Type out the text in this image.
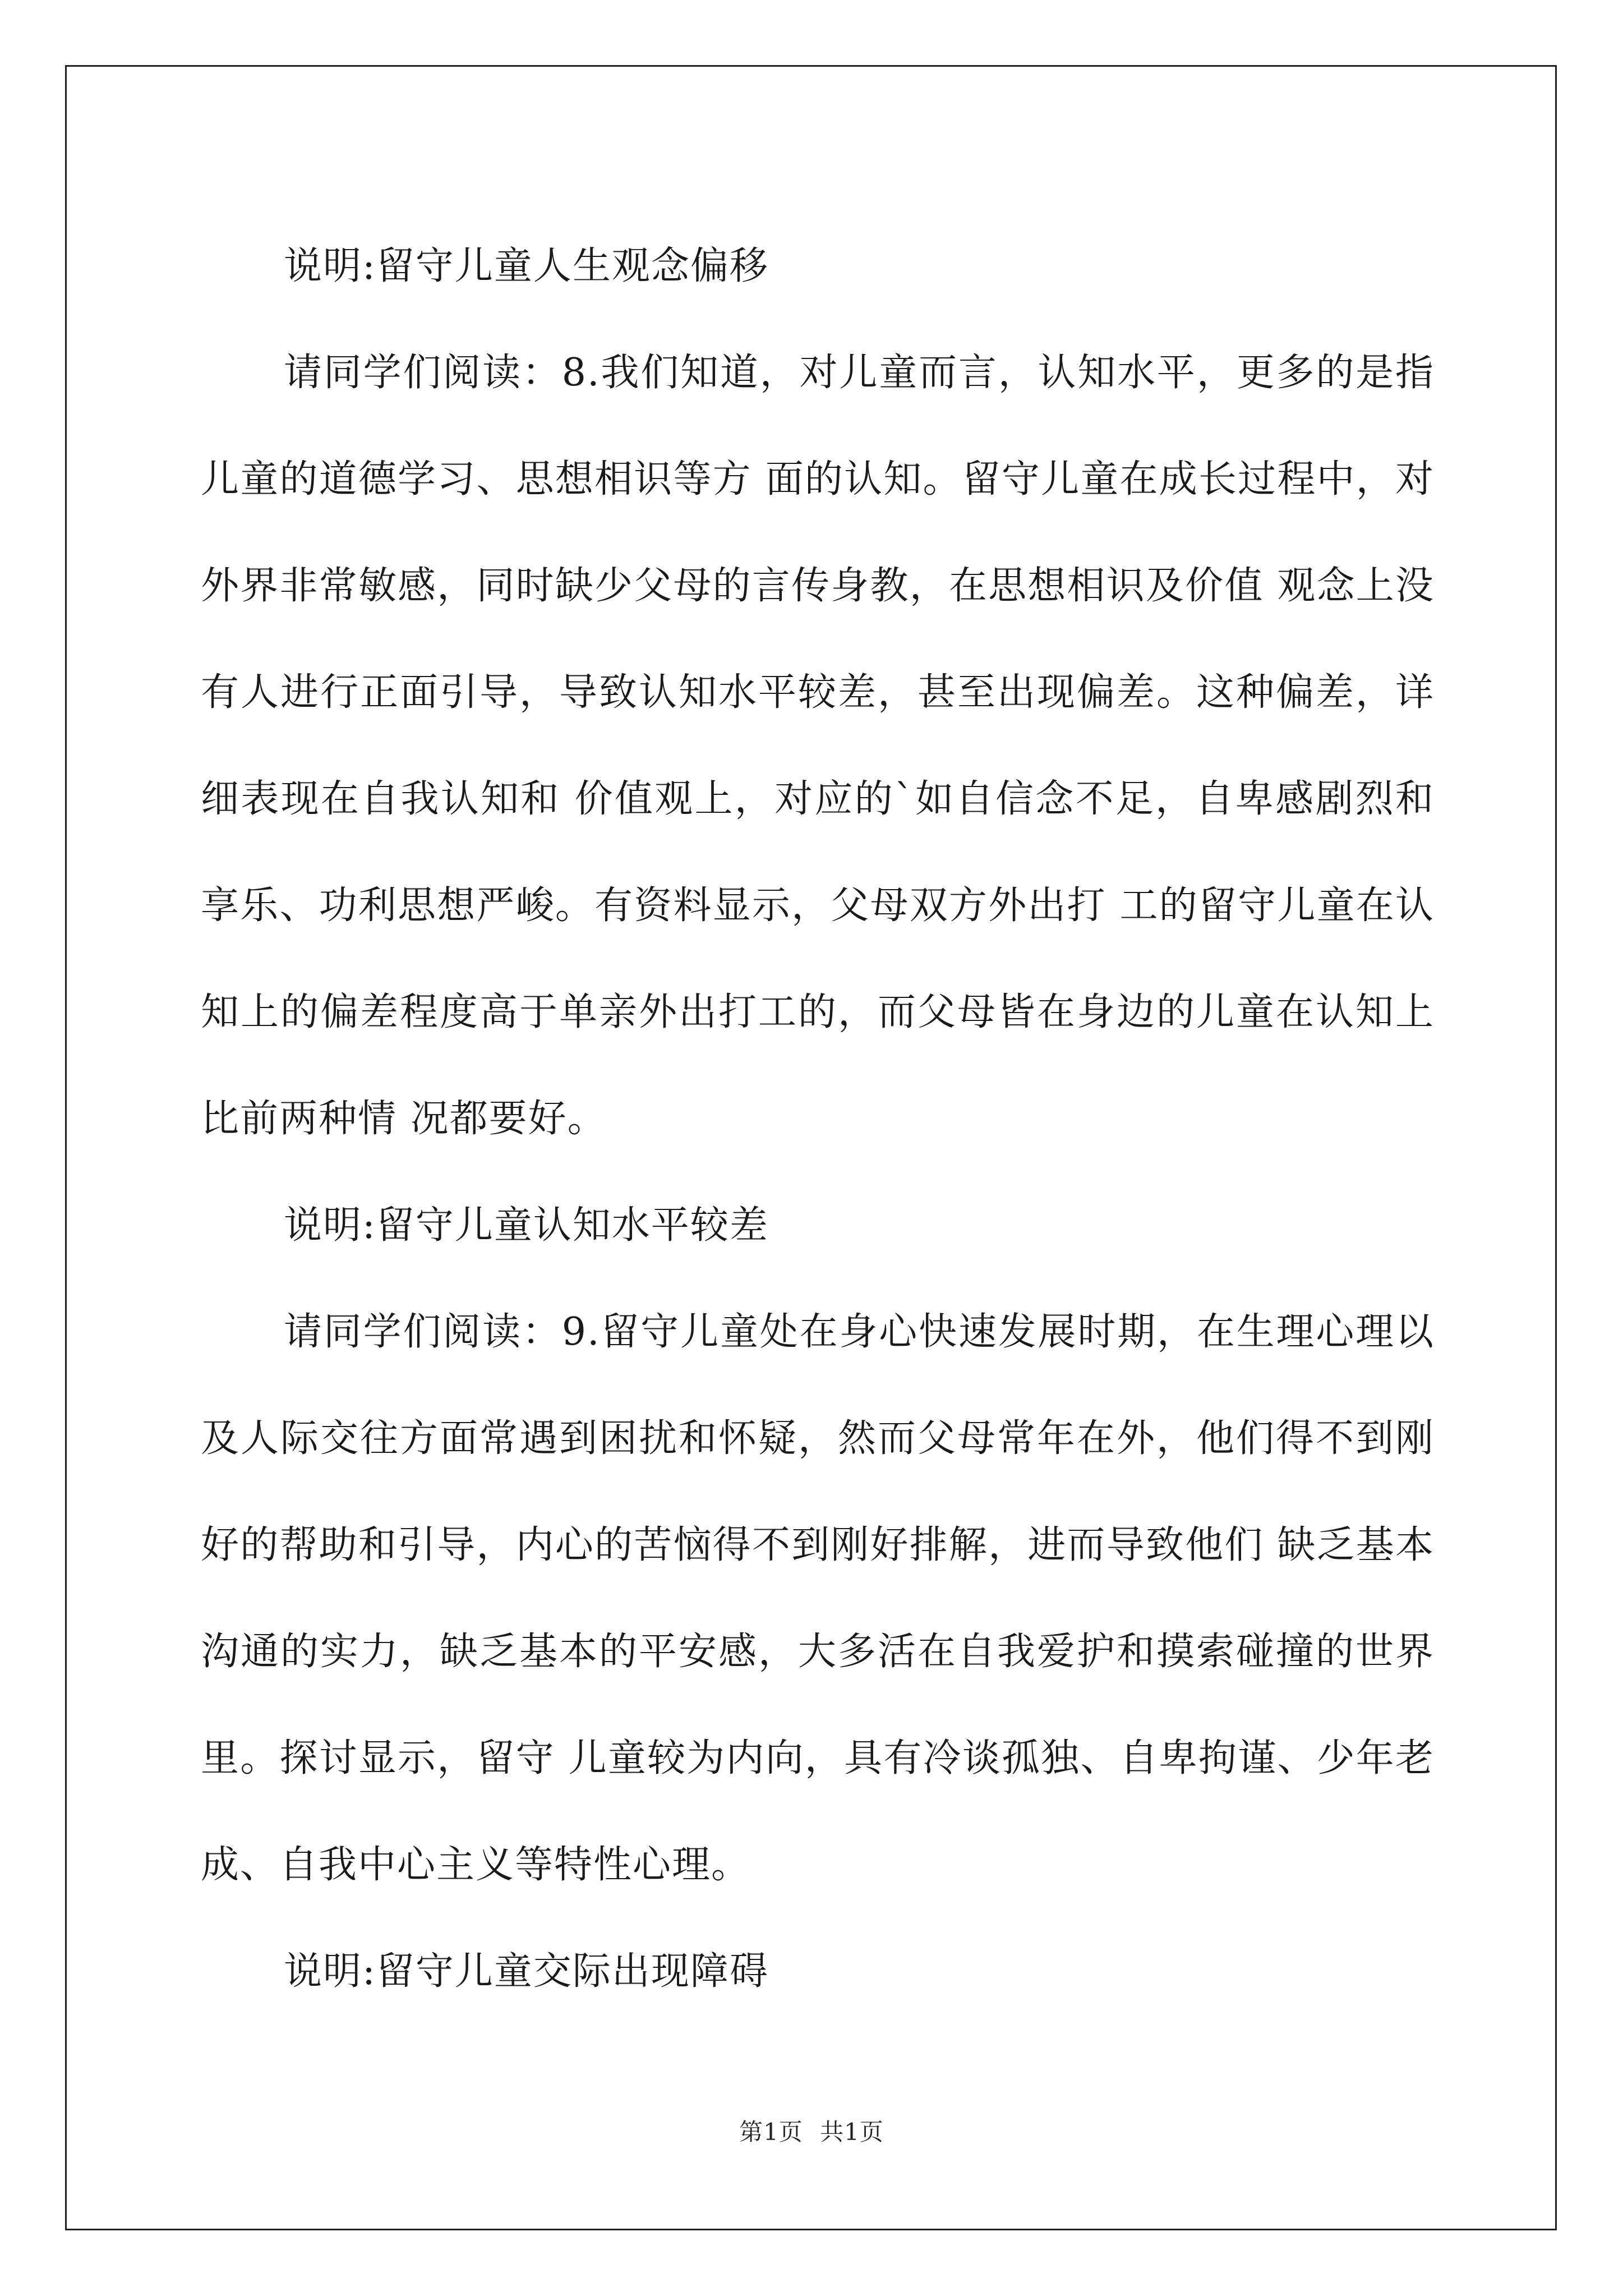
说明:留守儿童人生观念偏移

请同学们阅读：8.我们知道，对儿童而言，认知水平，更多的是指儿童的道德学习、思想相识等方 面的认知。留守儿童在成长过程中，对外界非常敏感，同时缺少父母的言传身教，在思想相识及价值 观念上没有人进行正面引导，导致认知水平较差，甚至出现偏差。这种偏差，详细表现在自我认知和 价值观上，对应的`如自信念不足，自卑感剧烈和享乐、功利思想严峻。有资料显示，父母双方外出打 工的留守儿童在认知上的偏差程度高于单亲外出打工的，而父母皆在身边的儿童在认知上比前两种情 况都要好。

说明:留守儿童认知水平较差

请同学们阅读：9.留守儿童处在身心快速发展时期，在生理心理以及人际交往方面常遇到困扰和怀疑，然而父母常年在外，他们得不到刚好的帮助和引导，内心的苦恼得不到刚好排解，进而导致他们 缺乏基本沟通的实力，缺乏基本的平安感，大多活在自我爱护和摸索碰撞的世界里。探讨显示，留守 儿童较为内向，具有冷谈孤独、自卑拘谨、少年老成、自我中心主义等特性心理。

说明:留守儿童交际出现障碍

第1页 共1页
